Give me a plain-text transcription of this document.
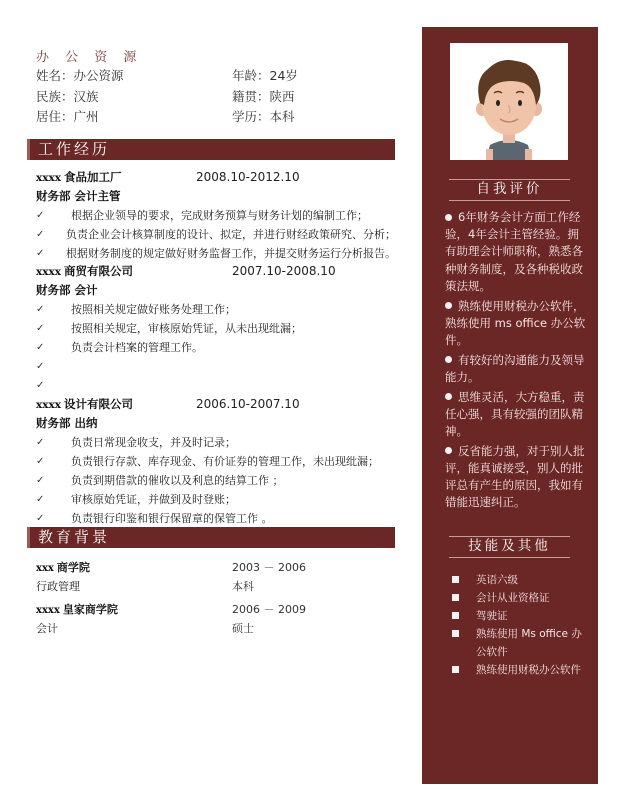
办 公 资 源
姓名：办公资源	年龄：24岁
民族：汉族	籍贯：陕西
居住：广州	学历：本科
工作经历
xxxx 食品加工厂	2008.10-2012.10
财务部 会计主管
✓	根据企业领导的要求，完成财务预算与财务计划的编制工作；
✓	负责企业会计核算制度的设计、拟定，并进行财经政策研究、分析；
✓	根据财务制度的规定做好财务监督工作，并提交财务运行分析报告。
xxxx 商贸有限公司	2007.10-2008.10
财务部 会计
✓	按照相关规定做好账务处理工作；
✓	按照相关规定，审核原始凭证，从未出现纰漏；
✓	负责会计档案的管理工作。
✓
✓
xxxx 设计有限公司	2006.10-2007.10
财务部 出纳
✓	负责日常现金收支，并及时记录；
✓	负责银行存款、库存现金、有价证券的管理工作，未出现纰漏；
✓	负责到期借款的催收以及利息的结算工作 ；
✓	审核原始凭证，并做到及时登账；
✓	负责银行印鉴和银行保留章的保管工作 。
教育背景
xxx 商学院	2003 － 2006
行政管理	本科
xxxx 皇家商学院	2006 － 2009
会计	硕士
自我评价
6年财务会计方面工作经验，4年会计主管经验。拥有助理会计师职称，熟悉各种财务制度，及各种税收政策法规。
熟练使用财税办公软件，熟练使用 ms office 办公软件。
有较好的沟通能力及领导能力。
思维灵活，大方稳重，责任心强，具有较强的团队精神。
反省能力强，对于别人批评，能真诚接受，别人的批评总有产生的原因，我如有错能迅速纠正。
技能及其他
英语六级
会计从业资格证
驾驶证
熟练使用 Ms office 办公软件
熟练使用财税办公软件
